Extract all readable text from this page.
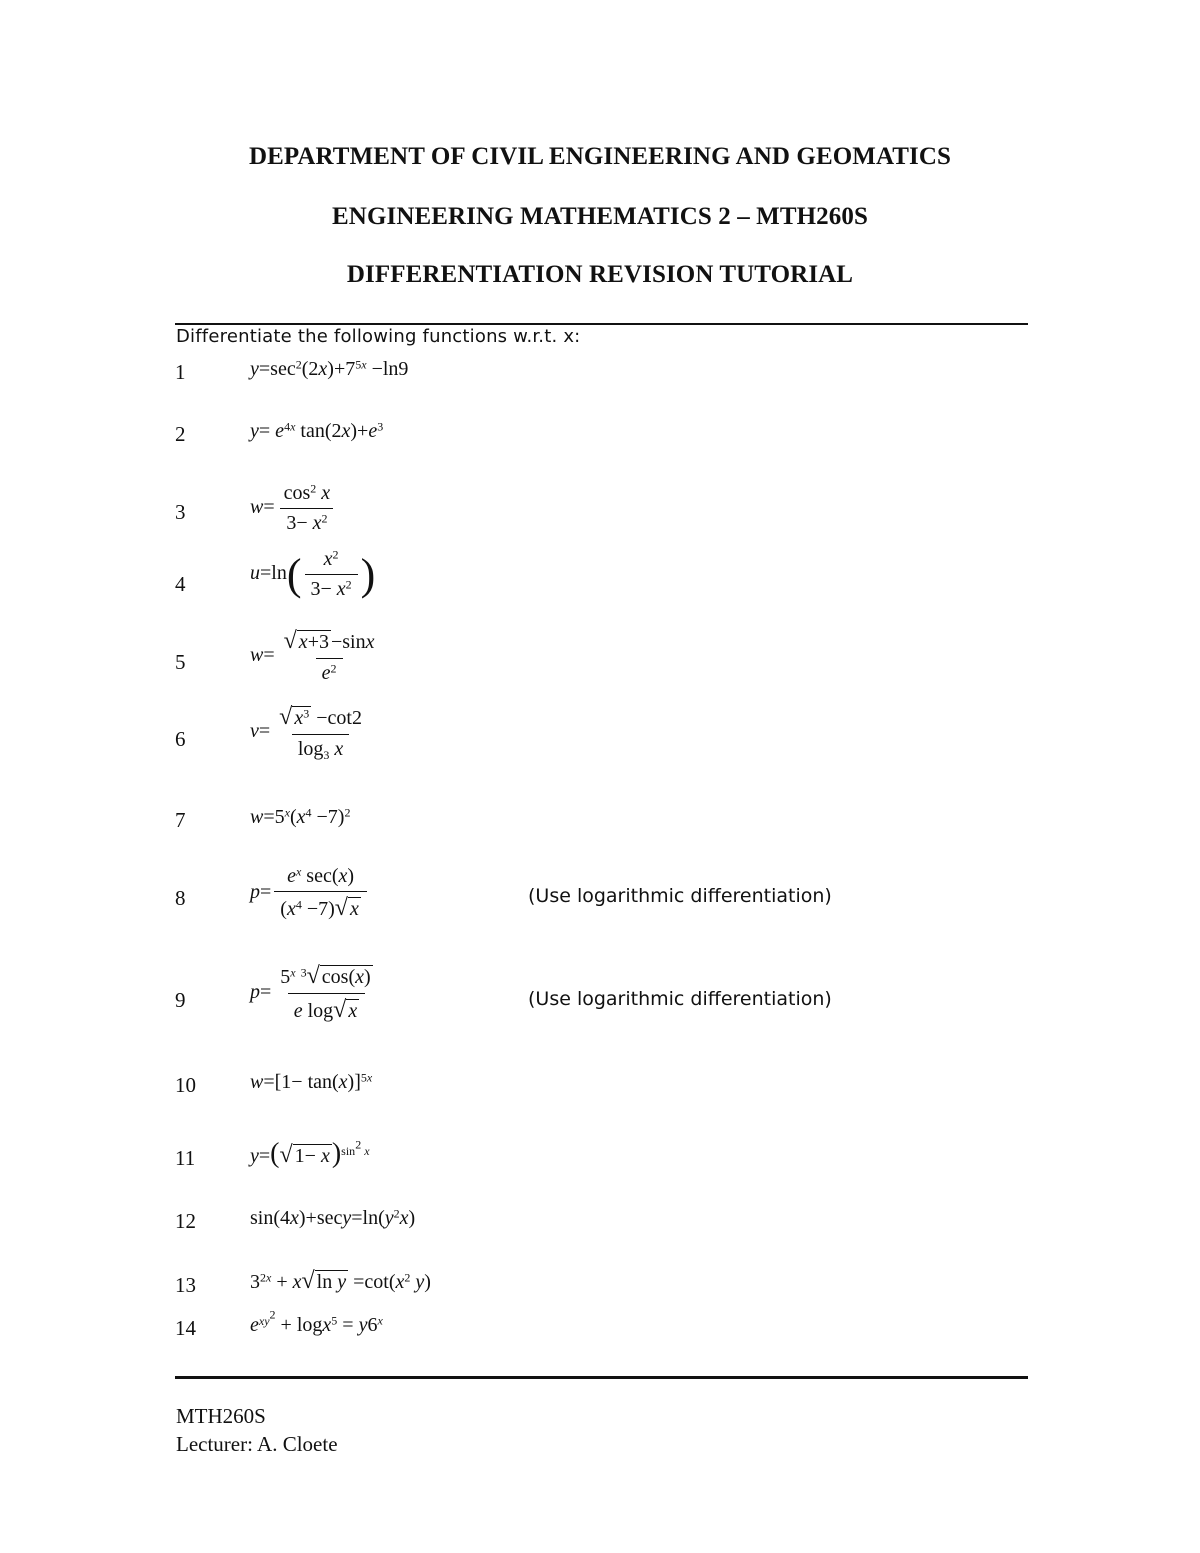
DEPARTMENT OF CIVIL ENGINEERING AND GEOMATICS
ENGINEERING MATHEMATICS 2 – MTH260S
DIFFERENTIATION REVISION TUTORIAL
Differentiate the following functions w.r.t. x:
1	$y=\sec^2(2x)+7^{5x} -\ln 9$
2	$y= e^{4x}$ $\tan(2x)+e^3$
3	$w= \frac{\cos^2 x}{3- x^2}$
4	$u=\ln( \frac{x^2}{3- x^2}$ )
5	$w= \frac{√ x+3 -\sin x}{e^2}$
6	$v= \frac{√ x^3 -\cot 2}{\log_3 x}$
7	$w=5^x(x^4 -7)^2$
8	$p= \frac{e^x \sec(x)}{(x^4 -7)√ x}$	(Use logarithmic differentiation)
9	$p= \frac{5^x ^3√ \cos(x)}{\text{e log√ x}}$	(Use logarithmic differentiation)
10	$w=[1- \tan(x)]^{5x}$
11	y=(√ 1− x)$^{sin^2 x}$
12	$\sin(4x)+\sec y=\ln(y^2x)$
13	$3^{2x} + x√$ $\ln y =\cot(x^2$ y)
14	$e^{xy^2} + \log x^5 = y6^x$
MTH260S
Lecturer: A. Cloete
